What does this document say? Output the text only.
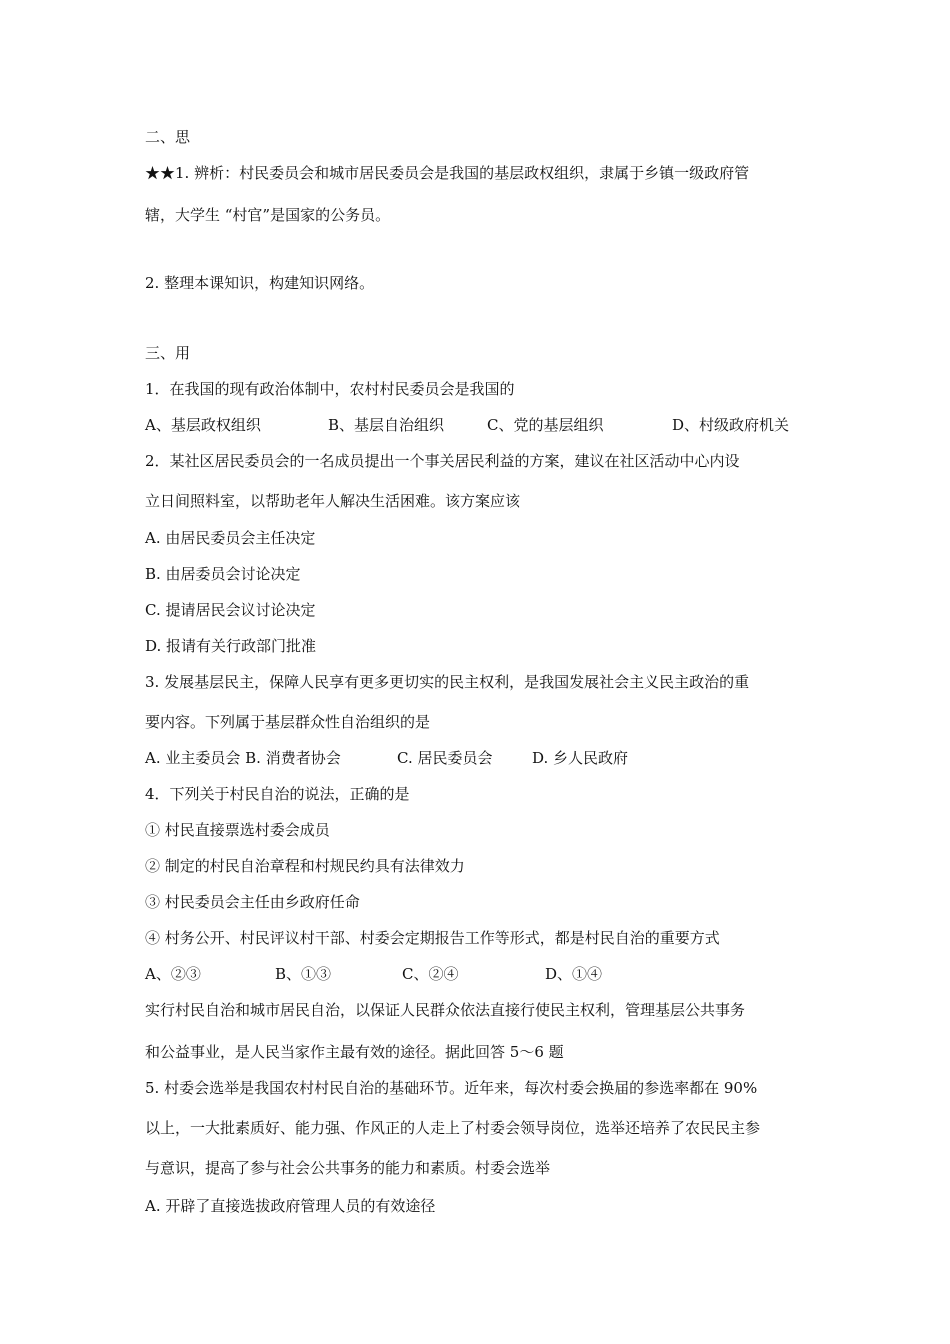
二、思
★★1. 辨析：村民委员会和城市居民委员会是我国的基层政权组织，隶属于乡镇一级政府管
辖，大学生 “村官”是国家的公务员。
2. 整理本课知识，构建知识网络。
三、用
1．在我国的现有政治体制中，农村村民委员会是我国的
A、基层政权组织	B、基层自治组织	C、党的基层组织	D、村级政府机关
2．某社区居民委员会的一名成员提出一个事关居民利益的方案，建议在社区活动中心内设
立日间照料室，以帮助老年人解决生活困难。该方案应该
A. 由居民委员会主任决定
B. 由居委员会讨论决定
C. 提请居民会议讨论决定
D. 报请有关行政部门批准
3. 发展基层民主，保障人民享有更多更切实的民主权利，是我国发展社会主义民主政治的重
要内容。下列属于基层群众性自治组织的是
A. 业主委员会 B. 消费者协会	C. 居民委员会	D. 乡人民政府
4．下列关于村民自治的说法，正确的是
① 村民直接票选村委会成员
② 制定的村民自治章程和村规民约具有法律效力
③ 村民委员会主任由乡政府任命
④ 村务公开、村民评议村干部、村委会定期报告工作等形式，都是村民自治的重要方式
A、②③	B、①③	C、②④	D、①④
实行村民自治和城市居民自治，以保证人民群众依法直接行使民主权利，管理基层公共事务
和公益事业，是人民当家作主最有效的途径。据此回答 5～6 题
5. 村委会选举是我国农村村民自治的基础环节。近年来，每次村委会换届的参选率都在 90%
以上，一大批素质好、能力强、作风正的人走上了村委会领导岗位，选举还培养了农民民主参
与意识，提高了参与社会公共事务的能力和素质。村委会选举
A. 开辟了直接选拔政府管理人员的有效途径
